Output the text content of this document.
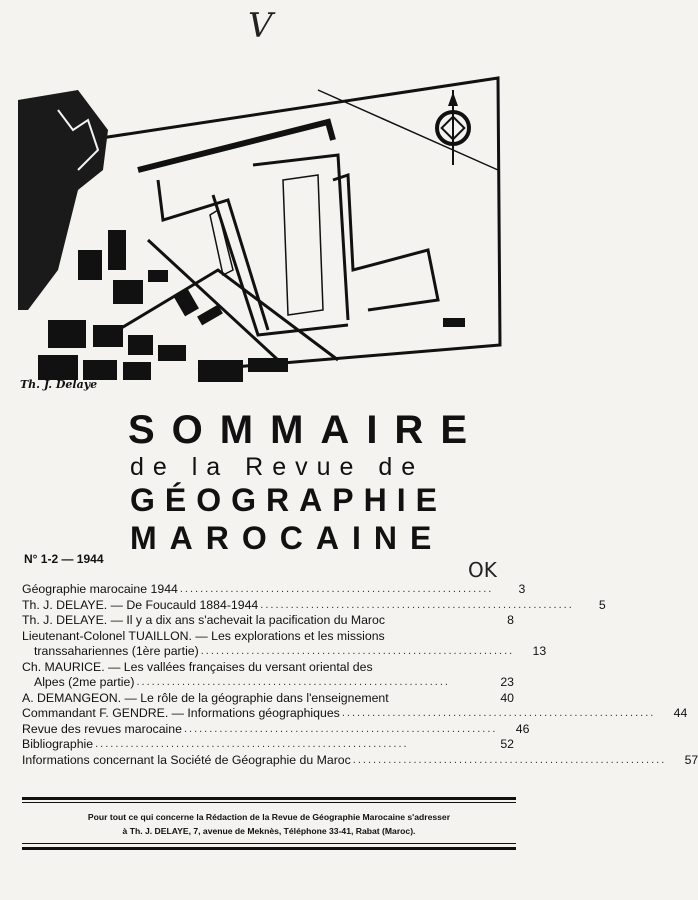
V
Th. J. Delaye
SOMMAIRE
de la Revue de
GÉOGRAPHIE
MAROCAINE
N° 1-2 — 1944	OK
Géographie marocaine 1944 ..............................................................	3
Th. J. DELAYE. — De Foucauld 1884-1944 ..............................................................	5
Th. J. DELAYE. — Il y a dix ans s'achevait la pacification du Maroc	8
Lieutenant-Colonel TUAILLON. — Les explorations et les missions
transsahariennes (1ère partie) ..............................................................	13
Ch. MAURICE. — Les vallées françaises du versant oriental des
Alpes (2me partie) ..............................................................	23
A. DEMANGEON. — Le rôle de la géographie dans l'enseignement	40
Commandant F. GENDRE. — Informations géographiques ..............................................................	44
Revue des revues marocaine ..............................................................	46
Bibliographie ..............................................................	52
Informations concernant la Société de Géographie du Maroc ..............................................................	57
Pour tout ce qui concerne la Rédaction de la Revue de Géographie Marocaine s'adresser
à Th. J. DELAYE, 7, avenue de Meknès, Téléphone 33-41, Rabat (Maroc).
